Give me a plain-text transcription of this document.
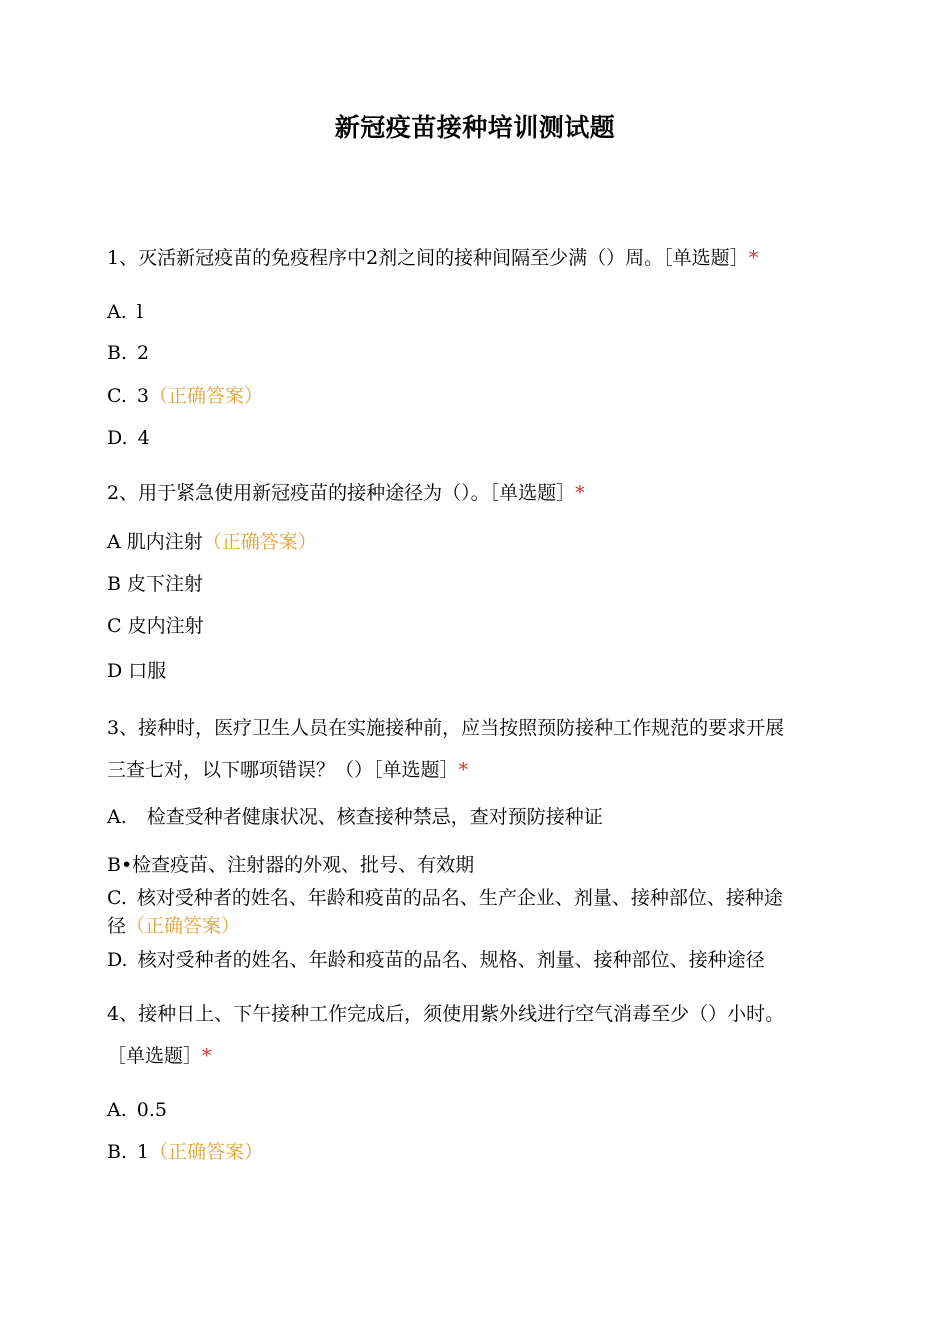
新冠疫苗接种培训测试题
1、灭活新冠疫苗的免疫程序中2剂之间的接种间隔至少满（）周。［单选题］*
A. l
B. 2
C. 3（正确答案）
D. 4
2、用于紧急使用新冠疫苗的接种途径为（）。［单选题］*
A 肌内注射（正确答案）
B 皮下注射
C 皮内注射
D 口服
3、接种时，医疗卫生人员在实施接种前，应当按照预防接种工作规范的要求开展
三查七对，以下哪项错误？（）［单选题］*
A. 检查受种者健康状况、核查接种禁忌，查对预防接种证
B•检查疫苗、注射器的外观、批号、有效期
C. 核对受种者的姓名、年龄和疫苗的品名、生产企业、剂量、接种部位、接种途
径（正确答案）
D. 核对受种者的姓名、年龄和疫苗的品名、规格、剂量、接种部位、接种途径
4、接种日上、下午接种工作完成后，须使用紫外线进行空气消毒至少（）小时。
［单选题］*
A. 0.5
B. 1（正确答案）
